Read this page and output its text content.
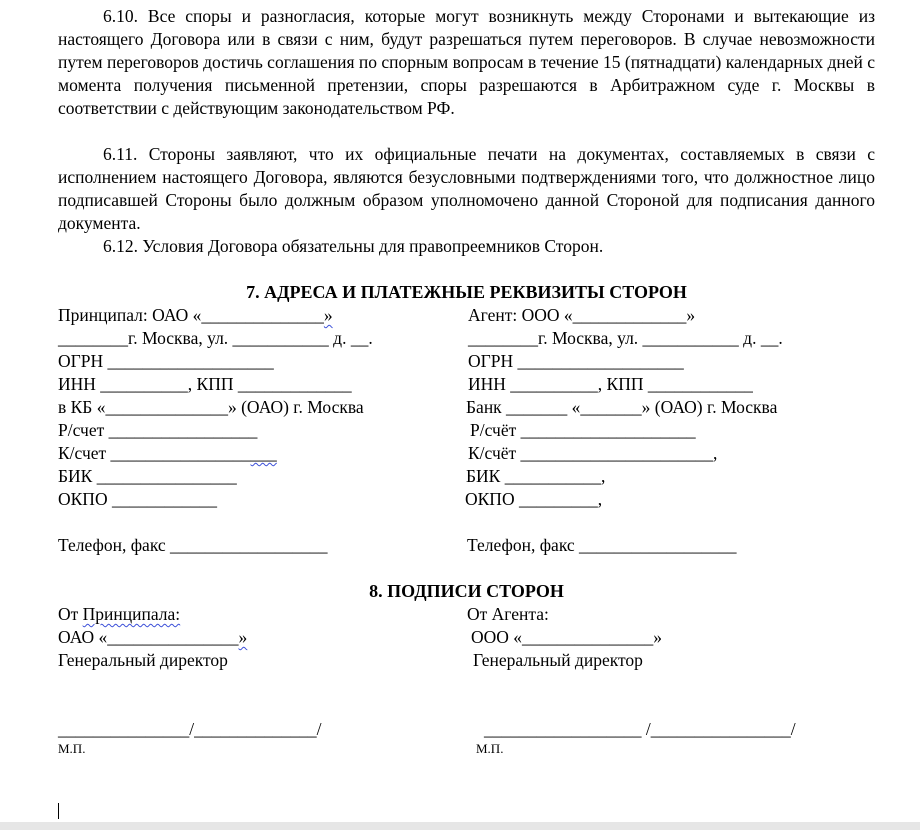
6.10. Все споры и разногласия, которые могут возникнуть между Сторонами и вытекающие из настоящего Договора или в связи с ним, будут разрешаться путем переговоров. В случае невозможности путем переговоров достичь соглашения по спорным вопросам в течение 15 (пятнадцати) календарных дней с момента получения письменной претензии, споры разрешаются в Арбитражном суде г. Москвы в соответствии с действующим законодательством РФ.

6.11. Стороны заявляют, что их официальные печати на документах, составляемых в связи с исполнением настоящего Договора, являются безусловными подтверждениями того, что должностное лицо подписавшей Стороны было должным образом уполномочено данной Стороной для подписания данного документа.

6.12. Условия Договора обязательны для правопреемников Сторон.

7. АДРЕСА И ПЛАТЕЖНЫЕ РЕКВИЗИТЫ СТОРОН
Принципал: ОАО «______________»
________г. Москва, ул. ___________ д. __.
ОГРН ___________________
ИНН __________, КПП _____________
в КБ «______________» (ОАО) г. Москва
Р/счет _________________
К/счет ___________________
БИК ________________
ОКПО ____________
Телефон, факс __________________
Агент: ООО «_____________»
________г. Москва, ул. ___________ д. __.
ОГРН ___________________
ИНН __________, КПП ____________
Банк _______ «_______» (ОАО) г. Москва
Р/счёт ____________________
К/счёт ______________________,
БИК ___________,
ОКПО _________,
Телефон, факс __________________
8. ПОДПИСИ СТОРОН
От Принципала:
ОАО «_______________»
Генеральный директор
_______________/______________/
М.П.
От Агента:
ООО «_______________»
Генеральный директор
__________________ /________________/
М.П.
